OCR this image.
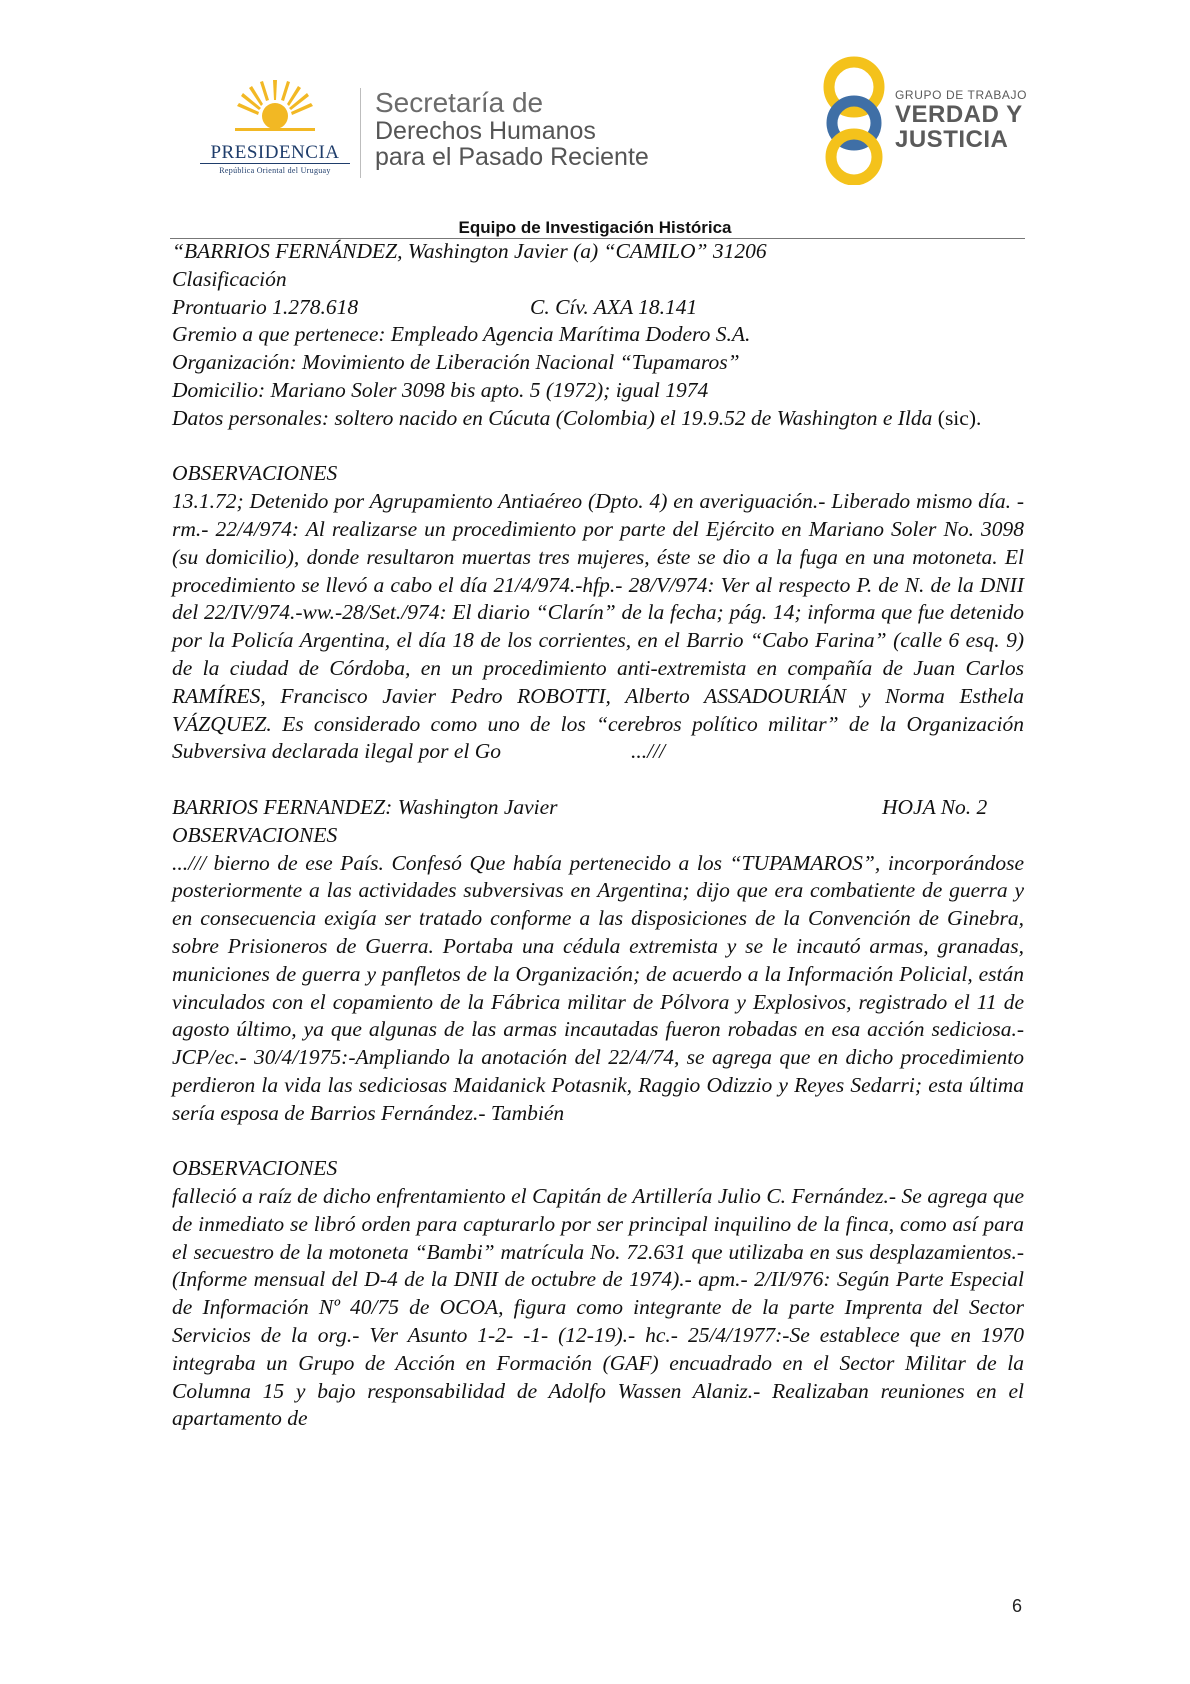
PRESIDENCIA
República Oriental del Uruguay
Secretaría de
Derechos Humanos
para el Pasado Reciente
GRUPO DE TRABAJO
VERDAD Y
JUSTICIA
Equipo de Investigación Histórica

“BARRIOS FERNÁNDEZ, Washington Javier (a) “CAMILO” 31206

Clasificación

Prontuario 1.278.618	C. Cív. AXA 18.141

Gremio a que pertenece: Empleado Agencia Marítima Dodero S.A.

Organización: Movimiento de Liberación Nacional “Tupamaros”

Domicilio: Mariano Soler 3098 bis apto. 5 (1972); igual 1974

Datos personales: soltero nacido en Cúcuta (Colombia) el 19.9.52 de Washington e Ilda (sic).

OBSERVACIONES

13.1.72; Detenido por Agrupamiento Antiaéreo (Dpto. 4) en averiguación.- Liberado mismo día. -rm.- 22/4/974: Al realizarse un procedimiento por parte del Ejército en Mariano Soler No. 3098 (su domicilio), donde resultaron muertas tres mujeres, éste se dio a la fuga en una motoneta. El procedimiento se llevó a cabo el día 21/4/974.-hfp.- 28/V/974: Ver al respecto P. de N. de la DNII del 22/IV/974.-ww.-28/Set./974: El diario “Clarín” de la fecha; pág. 14; informa que fue detenido por la Policía Argentina, el día 18 de los corrientes, en el Barrio “Cabo Farina” (calle 6 esq. 9) de la ciudad de Córdoba, en un procedimiento anti-extremista en compañía de Juan Carlos RAMÍRES, Francisco Javier Pedro ROBOTTI, Alberto ASSADOURIÁN y Norma Esthela VÁZQUEZ. Es considerado como uno de los “cerebros político militar” de la Organización Subversiva declarada ilegal por el Go	...///

BARRIOS FERNANDEZ: Washington Javier	HOJA No. 2

OBSERVACIONES

.../// bierno de ese País. Confesó Que había pertenecido a los “TUPAMAROS”, incorporándose posteriormente a las actividades subversivas en Argentina; dijo que era combatiente de guerra y en consecuencia exigía ser tratado conforme a las disposiciones de la Convención de Ginebra, sobre Prisioneros de Guerra. Portaba una cédula extremista y se le incautó armas, granadas, municiones de guerra y panfletos de la Organización; de acuerdo a la Información Policial, están vinculados con el copamiento de la Fábrica militar de Pólvora y Explosivos, registrado el 11 de agosto último, ya que algunas de las armas incautadas fueron robadas en esa acción sediciosa.- JCP/ec.- 30/4/1975:-Ampliando la anotación del 22/4/74, se agrega que en dicho procedimiento perdieron la vida las sediciosas Maidanick Potasnik, Raggio Odizzio y Reyes Sedarri; esta última sería esposa de Barrios Fernández.- También

OBSERVACIONES

falleció a raíz de dicho enfrentamiento el Capitán de Artillería Julio C. Fernández.- Se agrega que de inmediato se libró orden para capturarlo por ser principal inquilino de la finca, como así para el secuestro de la motoneta “Bambi” matrícula No. 72.631 que utilizaba en sus desplazamientos.- (Informe mensual del D-4 de la DNII de octubre de 1974).- apm.- 2/II/976: Según Parte Especial de Información Nº 40/75 de OCOA, figura como integrante de la parte Imprenta del Sector Servicios de la org.- Ver Asunto 1-2- -1- (12-19).- hc.- 25/4/1977:-Se establece que en 1970 integraba un Grupo de Acción en Formación (GAF) encuadrado en el Sector Militar de la Columna 15 y bajo responsabilidad de Adolfo Wassen Alaniz.- Realizaban reuniones en el apartamento de

6
